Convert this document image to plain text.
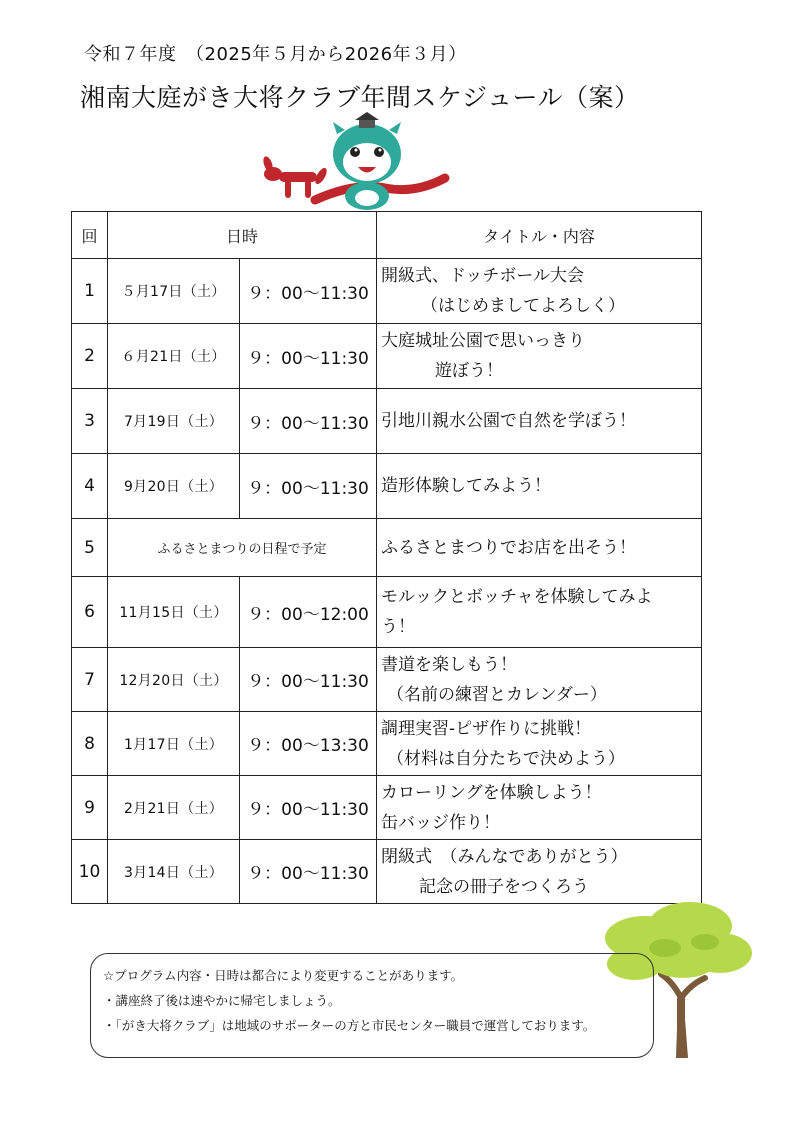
令和７年度　（2025年５月から2026年３月）
湘南大庭がき大将クラブ年間スケジュール（案）
回	日時		タイトル・内容
1	５月17日（土）	９：00～11:30	開級式、ドッチボール大会
（はじめましてよろしく）

2	６月21日（土）	９：00～11:30	大庭城址公園で思いっきり
遊ぼう！

3	7月19日（土）	９：00～11:30	引地川親水公園で自然を学ぼう！

4	9月20日（土）	９：00～11:30	造形体験してみよう！

5	ふるさとまつりの日程で予定		ふるさとまつりでお店を出そう！

6	11月15日（土）	９：00～12:00	モルックとボッチャを体験してみよ
う！

7	12月20日（土）	９：00～11:30	書道を楽しもう！
（名前の練習とカレンダー）

8	1月17日（土）	９：00～13:30	調理実習-ピザ作りに挑戦！
（材料は自分たちで決めよう）

9	2月21日（土）	９：00～11:30	カローリングを体験しよう！
缶バッジ作り！

10	3月14日（土）	９：00～11:30	閉級式　（みんなでありがとう）
記念の冊子をつくろう
☆プログラム内容・日時は都合により変更することがあります。
・講座終了後は速やかに帰宅しましょう。
・「がき大将クラブ」は地域のサポーターの方と市民センター職員で運営しております。
